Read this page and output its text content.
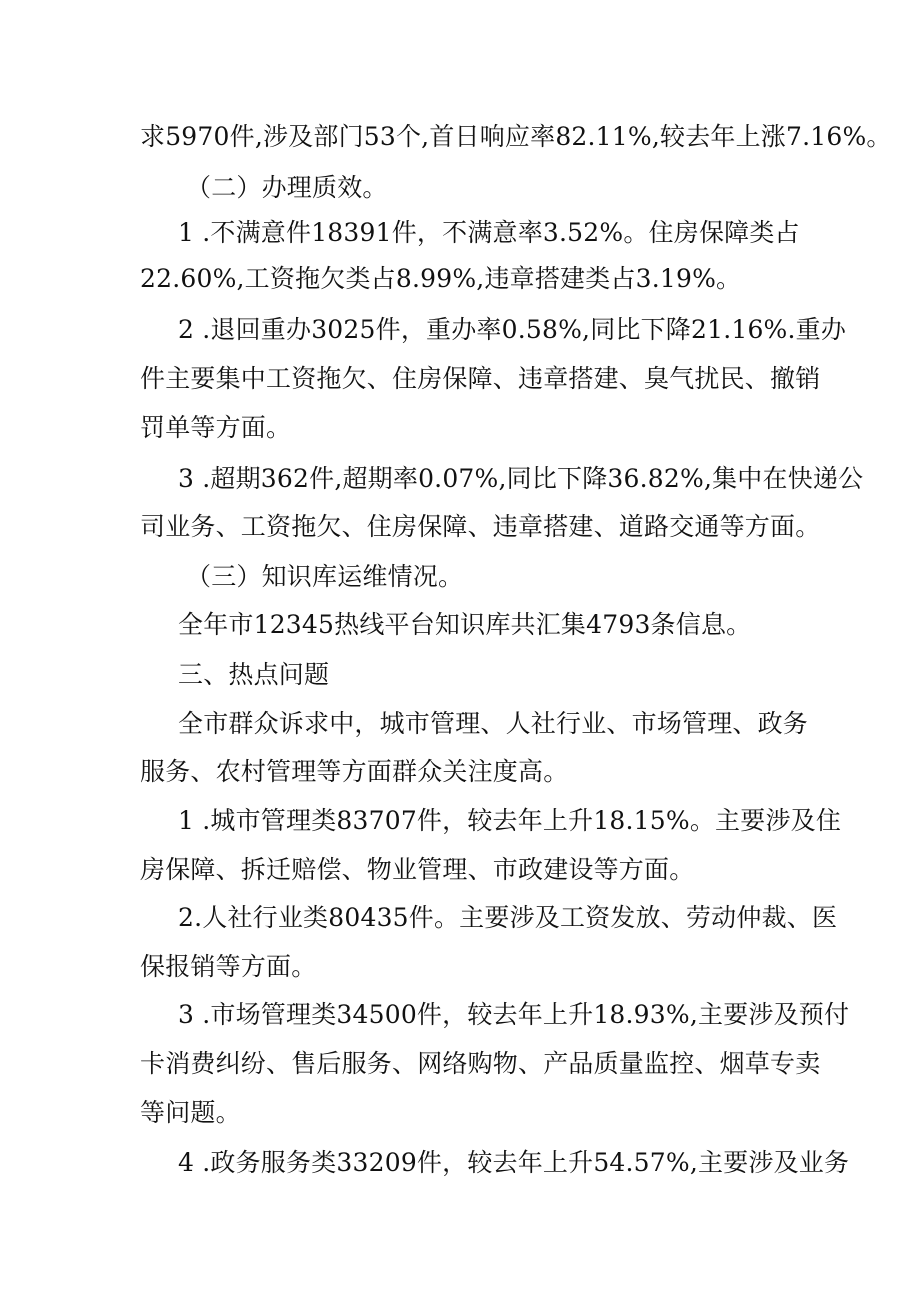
求5970件,涉及部门53个,首日响应率82.11%,较去年上涨7.16%。
（二）办理质效。
1 .不满意件18391件，不满意率3.52%。住房保障类占
22.60%,工资拖欠类占8.99%,违章搭建类占3.19%。
2 .退回重办3025件，重办率0.58%,同比下降21.16%.重办
件主要集中工资拖欠、住房保障、违章搭建、臭气扰民、撤销
罚单等方面。
3 .超期362件,超期率0.07%,同比下降36.82%,集中在快递公
司业务、工资拖欠、住房保障、违章搭建、道路交通等方面。
（三）知识库运维情况。
全年市12345热线平台知识库共汇集4793条信息。
三、热点问题
全市群众诉求中，城市管理、人社行业、市场管理、政务
服务、农村管理等方面群众关注度高。
1 .城市管理类83707件，较去年上升18.15%。主要涉及住
房保障、拆迁赔偿、物业管理、市政建设等方面。
2.人社行业类80435件。主要涉及工资发放、劳动仲裁、医
保报销等方面。
3 .市场管理类34500件，较去年上升18.93%,主要涉及预付
卡消费纠纷、售后服务、网络购物、产品质量监控、烟草专卖
等问题。
4 .政务服务类33209件，较去年上升54.57%,主要涉及业务
